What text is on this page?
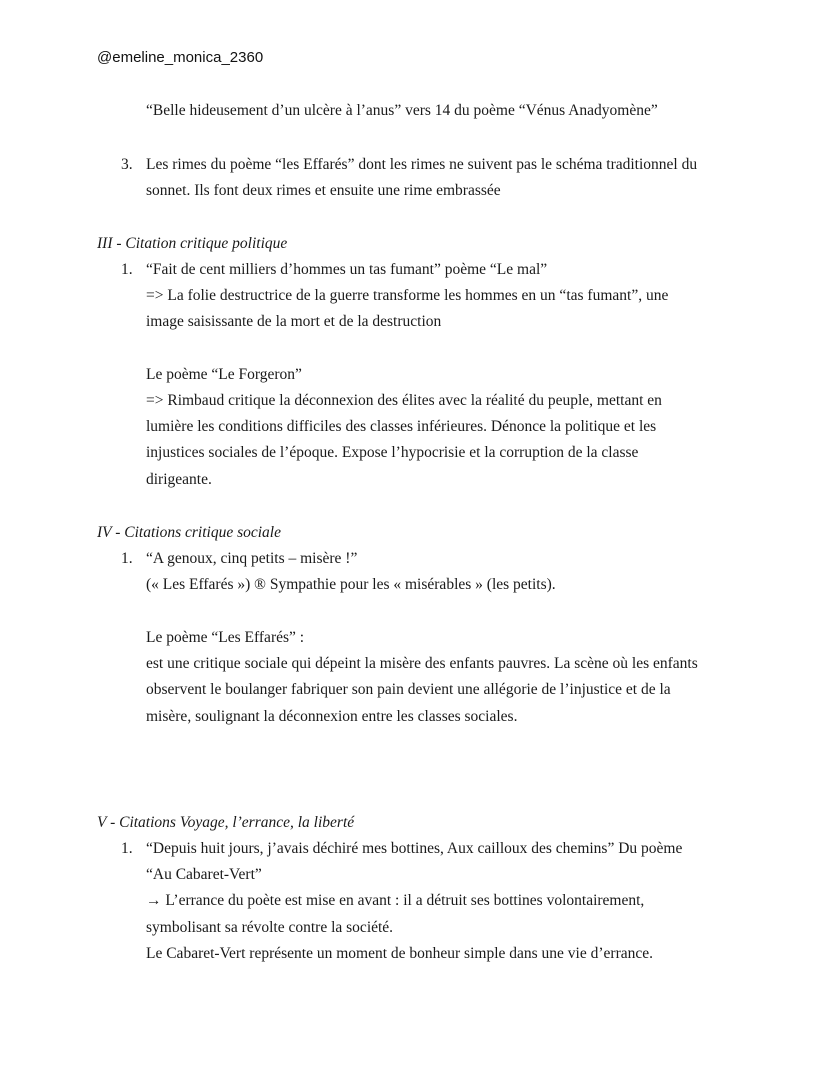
@emeline_monica_2360
“Belle hideusement d’un ulcère à l’anus” vers 14 du poème “Vénus Anadyomène”
3. Les rimes du poème “les Effarés” dont les rimes ne suivent pas le schéma traditionnel du
sonnet. Ils font deux rimes et ensuite une rime embrassée
III - Citation critique politique
1. “Fait de cent milliers d’hommes un tas fumant” poème “Le mal”
=> La folie destructrice de la guerre transforme les hommes en un “tas fumant”, une
image saisissante de la mort et de la destruction
Le poème “Le Forgeron”
=> Rimbaud critique la déconnexion des élites avec la réalité du peuple, mettant en
lumière les conditions difficiles des classes inférieures. Dénonce la politique et les
injustices sociales de l’époque. Expose l’hypocrisie et la corruption de la classe
dirigeante.
IV - Citations critique sociale
1. “A genoux, cinq petits – misère !”
(« Les Effarés ») ® Sympathie pour les « misérables » (les petits).
Le poème “Les Effarés” :
est une critique sociale qui dépeint la misère des enfants pauvres. La scène où les enfants
observent le boulanger fabriquer son pain devient une allégorie de l’injustice et de la
misère, soulignant la déconnexion entre les classes sociales.
V - Citations Voyage, l’errance, la liberté
1. “Depuis huit jours, j’avais déchiré mes bottines, Aux cailloux des chemins” Du poème
“Au Cabaret-Vert”
→ L’errance du poète est mise en avant : il a détruit ses bottines volontairement,
symbolisant sa révolte contre la société.
Le Cabaret-Vert représente un moment de bonheur simple dans une vie d’errance.
